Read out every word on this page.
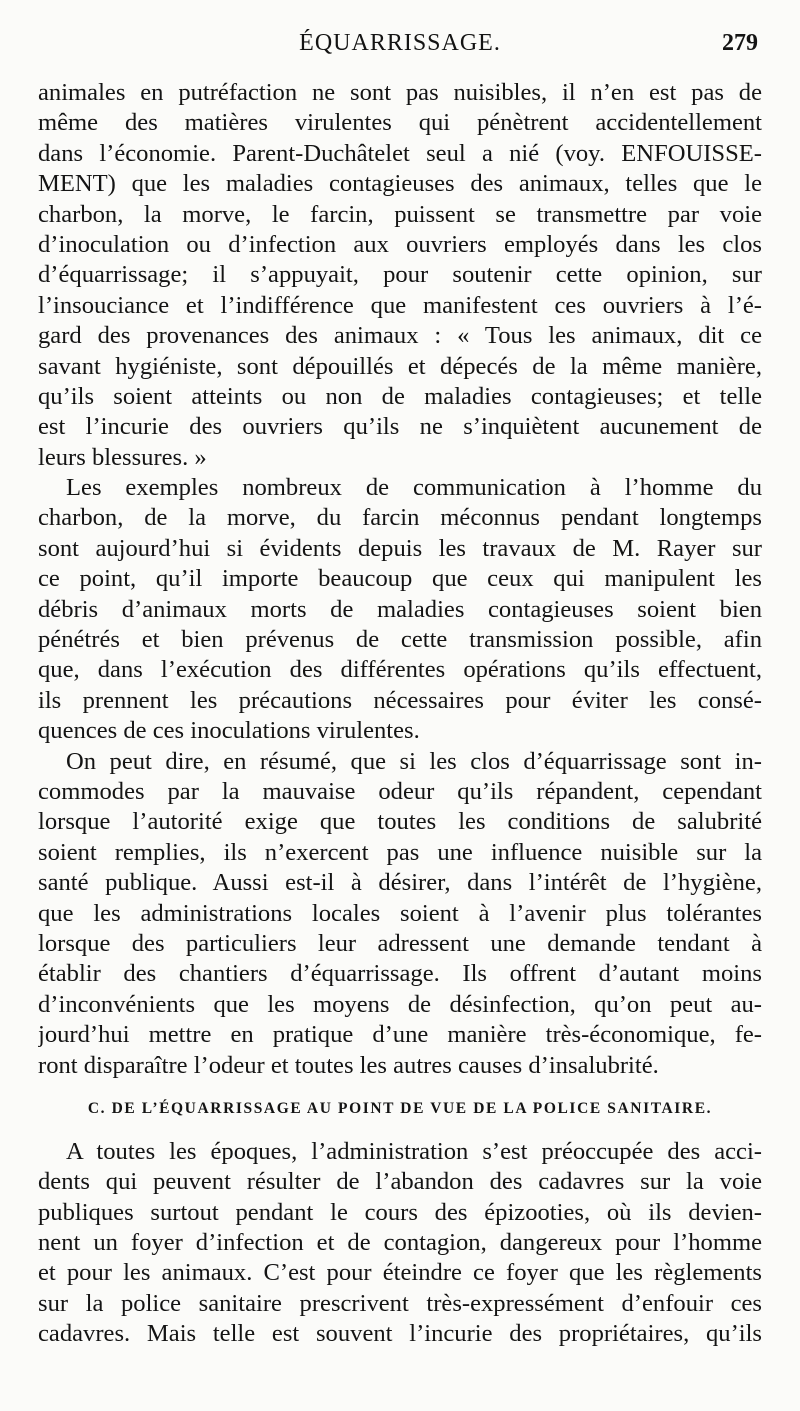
ÉQUARRISSAGE.	279
animales en putréfaction ne sont pas nuisibles, il n’en est pas de
même des matières virulentes qui pénètrent accidentellement
dans l’économie. Parent-Duchâtelet seul a nié (voy. ENFOUISSE-
MENT) que les maladies contagieuses des animaux, telles que le
charbon, la morve, le farcin, puissent se transmettre par voie
d’inoculation ou d’infection aux ouvriers employés dans les clos
d’équarrissage; il s’appuyait, pour soutenir cette opinion, sur
l’insouciance et l’indifférence que manifestent ces ouvriers à l’é-
gard des provenances des animaux : « Tous les animaux, dit ce
savant hygiéniste, sont dépouillés et dépecés de la même manière,
qu’ils soient atteints ou non de maladies contagieuses; et telle
est l’incurie des ouvriers qu’ils ne s’inquiètent aucunement de
leurs blessures. »
Les exemples nombreux de communication à l’homme du
charbon, de la morve, du farcin méconnus pendant longtemps
sont aujourd’hui si évidents depuis les travaux de M. Rayer sur
ce point, qu’il importe beaucoup que ceux qui manipulent les
débris d’animaux morts de maladies contagieuses soient bien
pénétrés et bien prévenus de cette transmission possible, afin
que, dans l’exécution des différentes opérations qu’ils effectuent,
ils prennent les précautions nécessaires pour éviter les consé-
quences de ces inoculations virulentes.
On peut dire, en résumé, que si les clos d’équarrissage sont in-
commodes par la mauvaise odeur qu’ils répandent, cependant
lorsque l’autorité exige que toutes les conditions de salubrité
soient remplies, ils n’exercent pas une influence nuisible sur la
santé publique. Aussi est-il à désirer, dans l’intérêt de l’hygiène,
que les administrations locales soient à l’avenir plus tolérantes
lorsque des particuliers leur adressent une demande tendant à
établir des chantiers d’équarrissage. Ils offrent d’autant moins
d’inconvénients que les moyens de désinfection, qu’on peut au-
jourd’hui mettre en pratique d’une manière très-économique, fe-
ront disparaître l’odeur et toutes les autres causes d’insalubrité.
C. DE L’ÉQUARRISSAGE AU POINT DE VUE DE LA POLICE SANITAIRE.
A toutes les époques, l’administration s’est préoccupée des acci-
dents qui peuvent résulter de l’abandon des cadavres sur la voie
publiques surtout pendant le cours des épizooties, où ils devien-
nent un foyer d’infection et de contagion, dangereux pour l’homme
et pour les animaux. C’est pour éteindre ce foyer que les règlements
sur la police sanitaire prescrivent très-expressément d’enfouir ces
cadavres. Mais telle est souvent l’incurie des propriétaires, qu’ils
